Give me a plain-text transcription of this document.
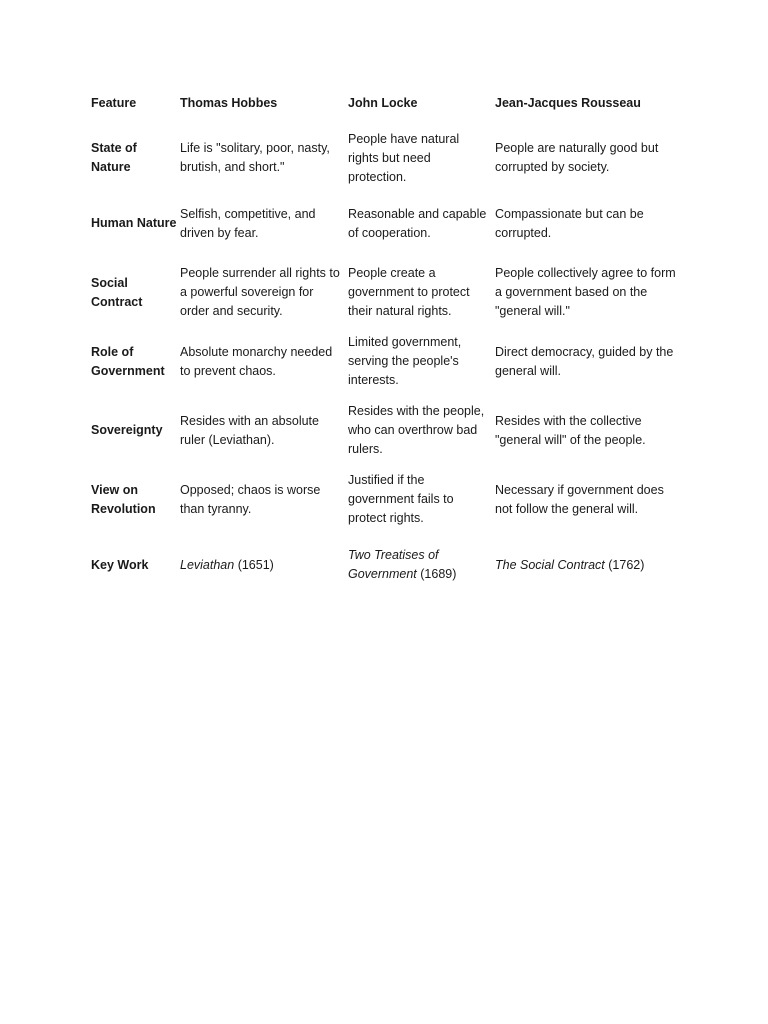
Feature	Thomas Hobbes	John Locke	Jean-Jacques Rousseau
State of Nature	Life is "solitary, poor, nasty, brutish, and short."	People have natural rights but need protection.	People are naturally good but corrupted by society.
Human Nature	Selfish, competitive, and driven by fear.	Reasonable and capable of cooperation.	Compassionate but can be corrupted.
Social Contract	People surrender all rights to a powerful sovereign for order and security.	People create a government to protect their natural rights.	People collectively agree to form a government based on the "general will."
Role of Government	Absolute monarchy needed to prevent chaos.	Limited government, serving the people's interests.	Direct democracy, guided by the general will.
Sovereignty	Resides with an absolute ruler (Leviathan).	Resides with the people, who can overthrow bad rulers.	Resides with the collective "general will" of the people.
View on Revolution	Opposed; chaos is worse than tyranny.	Justified if the government fails to protect rights.	Necessary if government does not follow the general will.
Key Work	Leviathan (1651)	Two Treatises of Government (1689)	The Social Contract (1762)
